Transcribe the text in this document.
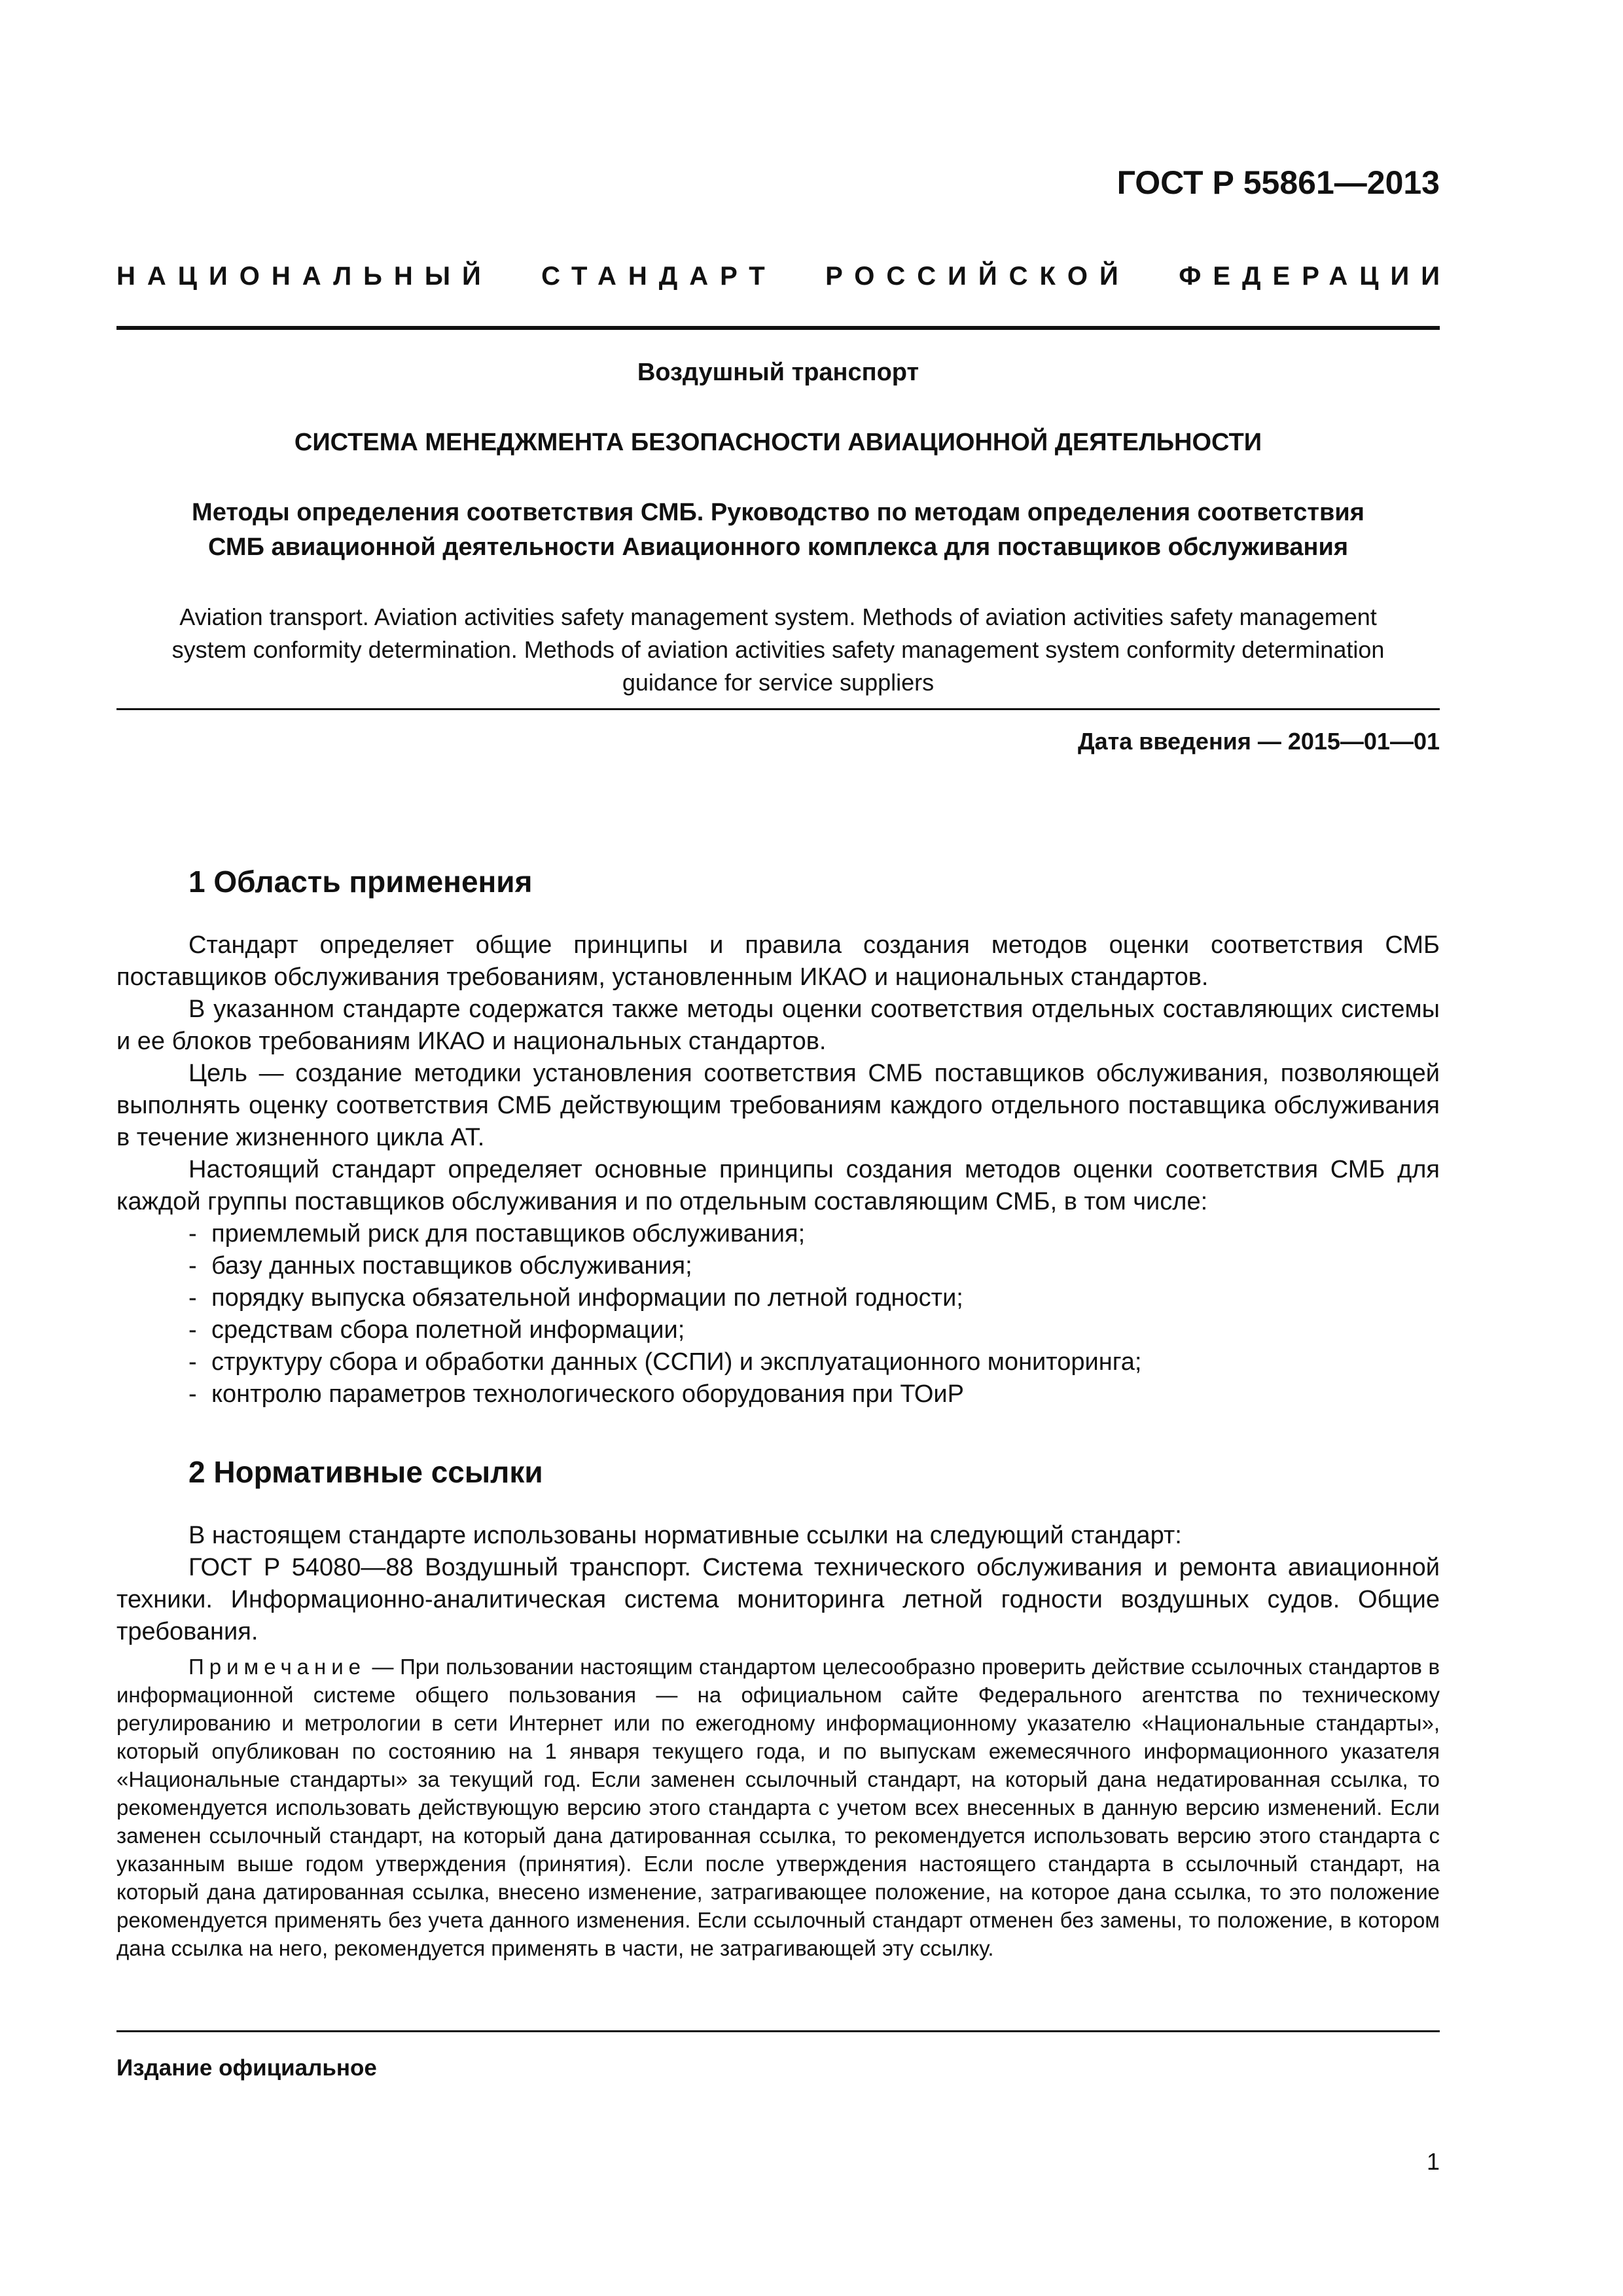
ГОСТ Р 55861—2013
НАЦИОНАЛЬНЫЙ СТАНДАРТ РОССИЙСКОЙ ФЕДЕРАЦИИ
Воздушный транспорт
СИСТЕМА МЕНЕДЖМЕНТА БЕЗОПАСНОСТИ АВИАЦИОННОЙ ДЕЯТЕЛЬНОСТИ
Методы определения соответствия СМБ. Руководство по методам определения соответствия
СМБ авиационной деятельности Авиационного комплекса для поставщиков обслуживания
Aviation transport. Aviation activities safety management system. Methods of aviation activities safety management
system conformity determination. Methods of aviation activities safety management system conformity determination
guidance for service suppliers
Дата введения — 2015—01—01
1 Область применения

Стандарт определяет общие принципы и правила создания методов оценки соответствия СМБ поставщиков обслуживания требованиям, установленным ИКАО и национальных стандартов.

В указанном стандарте содержатся также методы оценки соответствия отдельных составляющих системы и ее блоков требованиям ИКАО и национальных стандартов.

Цель — создание методики установления соответствия СМБ поставщиков обслуживания, позволяющей выполнять оценку соответствия СМБ действующим требованиям каждого отдельного поставщика обслуживания в течение жизненного цикла АТ.

Настоящий стандарт определяет основные принципы создания методов оценки соответствия СМБ для каждой группы поставщиков обслуживания и по отдельным составляющим СМБ, в том числе:

- приемлемый риск для поставщиков обслуживания;
- базу данных поставщиков обслуживания;
- порядку выпуска обязательной информации по летной годности;
- средствам сбора полетной информации;
- структуру сбора и обработки данных (ССПИ) и эксплуатационного мониторинга;
- контролю параметров технологического оборудования при ТОиР
2 Нормативные ссылки

В настоящем стандарте использованы нормативные ссылки на следующий стандарт:

ГОСТ Р 54080—88 Воздушный транспорт. Система технического обслуживания и ремонта авиационной техники. Информационно-аналитическая система мониторинга летной годности воздушных судов. Общие требования.

Примечание — При пользовании настоящим стандартом целесообразно проверить действие ссылочных стандартов в информационной системе общего пользования — на официальном сайте Федерального агентства по техническому регулированию и метрологии в сети Интернет или по ежегодному информационному указателю «Национальные стандарты», который опубликован по состоянию на 1 января текущего года, и по выпускам ежемесячного информационного указателя «Национальные стандарты» за текущий год. Если заменен ссылочный стандарт, на который дана недатированная ссылка, то рекомендуется использовать действующую версию этого стандарта с учетом всех внесенных в данную версию изменений. Если заменен ссылочный стандарт, на который дана датированная ссылка, то рекомендуется использовать версию этого стандарта с указанным выше годом утверждения (принятия). Если после утверждения настоящего стандарта в ссылочный стандарт, на который дана датированная ссылка, внесено изменение, затрагивающее положение, на которое дана ссылка, то это положение рекомендуется применять без учета данного изменения. Если ссылочный стандарт отменен без замены, то положение, в котором дана ссылка на него, рекомендуется применять в части, не затрагивающей эту ссылку.

Издание официальное
1
